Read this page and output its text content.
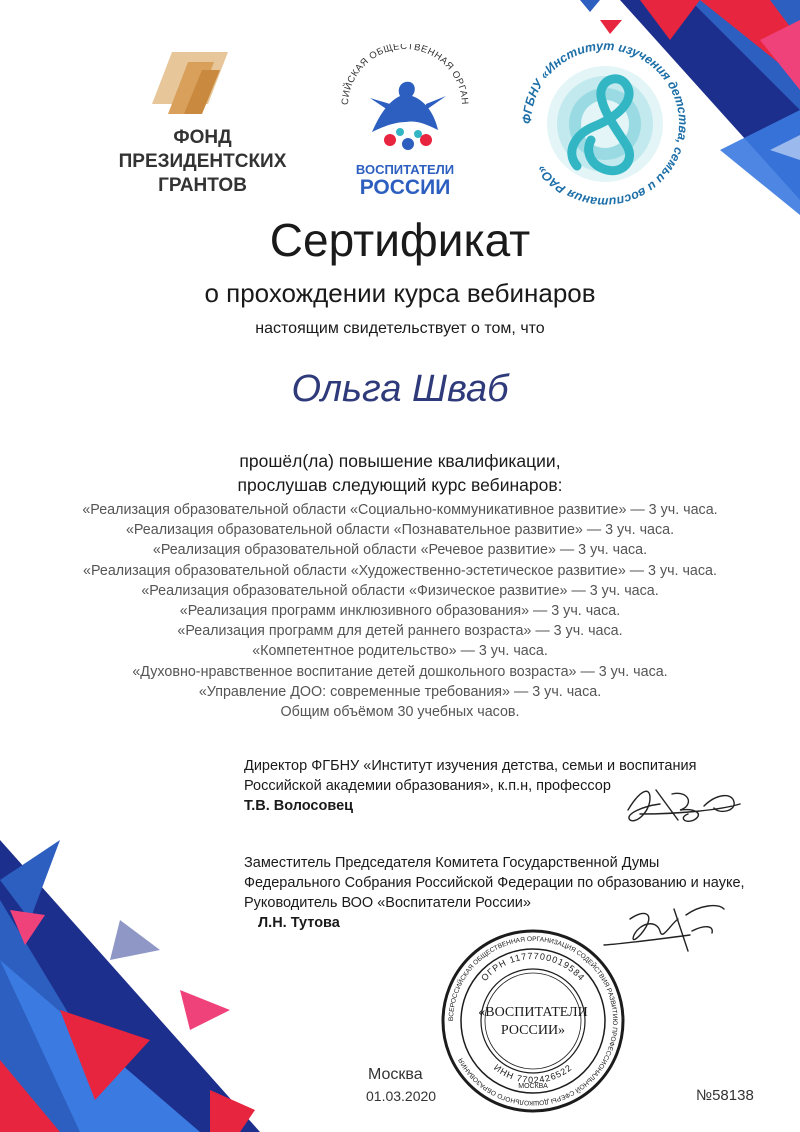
ФОНД
ПРЕЗИДЕНТСКИХ
ГРАНТОВ
СИЙСКАЯ ОБЩЕСТВЕННАЯ ОРГАН
ВОСПИТАТЕЛИ
РОССИИ
ФГБНУ «Институт изучения детства, семьи и воспитания РАО»
Сертификат
о прохождении курса вебинаров
настоящим свидетельствует о том, что
Ольга Шваб
прошёл(ла) повышение квалификации,
прослушав следующий курс вебинаров:
«Реализация образовательной области «Социально-коммуникативное развитие» — 3 уч. часа.
«Реализация образовательной области «Познавательное развитие» — 3 уч. часа.
«Реализация образовательной области «Речевое развитие» — 3 уч. часа.
«Реализация образовательной области «Художественно-эстетическое развитие» — 3 уч. часа.
«Реализация образовательной области «Физическое развитие» — 3 уч. часа.
«Реализация программ инклюзивного образования» — 3 уч. часа.
«Реализация программ для детей раннего возраста» — 3 уч. часа.
«Компетентное родительство» — 3 уч. часа.
«Духовно-нравственное воспитание детей дошкольного возраста» — 3 уч. часа.
«Управление ДОО: современные требования» — 3 уч. часа.
Общим объёмом 30 учебных часов.
Директор ФГБНУ «Институт изучения детства, семьи и воспитания
Российской академии образования», к.п.н, профессор
Т.В. Волосовец
Заместитель Председателя Комитета Государственной Думы
Федерального Собрания Российской Федерации по образованию и науке,
Руководитель ВОО «Воспитатели России»
Л.Н. Тутова
ВСЕРОССИЙСКАЯ ОБЩЕСТВЕННАЯ ОРГАНИЗАЦИЯ СОДЕЙСТВИЯ РАЗВИТИЮ ПРОФЕССИОНАЛЬНОЙ СФЕРЫ ДОШКОЛЬНОГО ОБРАЗОВАНИЯ
ОГРН 1177700019584
ИНН 7702426522
«ВОСПИТАТЕЛИ
РОССИИ»
МОСКВА
Москва
01.03.2020	№58138
